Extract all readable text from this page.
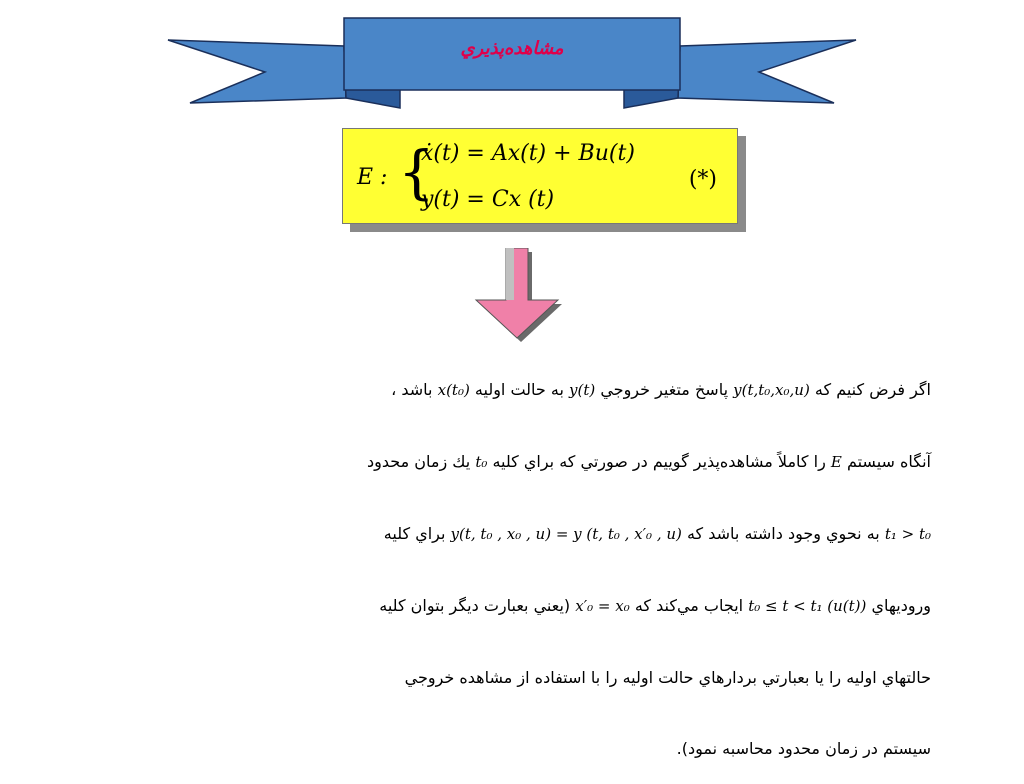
مشاهده‌پذيري
E : {
ẋ(t) = Ax(t) + Bu(t)
y(t) = Cx (t)
(*)

اگر فرض كنيم كه y(t,t₀,x₀,u) پاسخ متغير خروجي y(t) به حالت اوليه x(t₀) باشد ،

آنگاه سيستم E را كاملاً مشاهده‌پذير گوييم در صورتي كه براي كليه t₀ يك زمان محدود

t₁ > t₀ به نحوي وجود داشته باشد كه y(t, t₀ , x₀ , u) = y (t, t₀ , x′₀ , u) براي كليه

وروديهاي t₀ ≤ t < t₁ (u(t)) ايجاب مي‌كند كه x′₀ = x₀ (يعني بعبارت ديگر بتوان كليه

حالتهاي اوليه را يا بعبارتي بردارهاي حالت اوليه را با استفاده از مشاهده خروجي

سيستم در زمان محدود محاسبه نمود).
